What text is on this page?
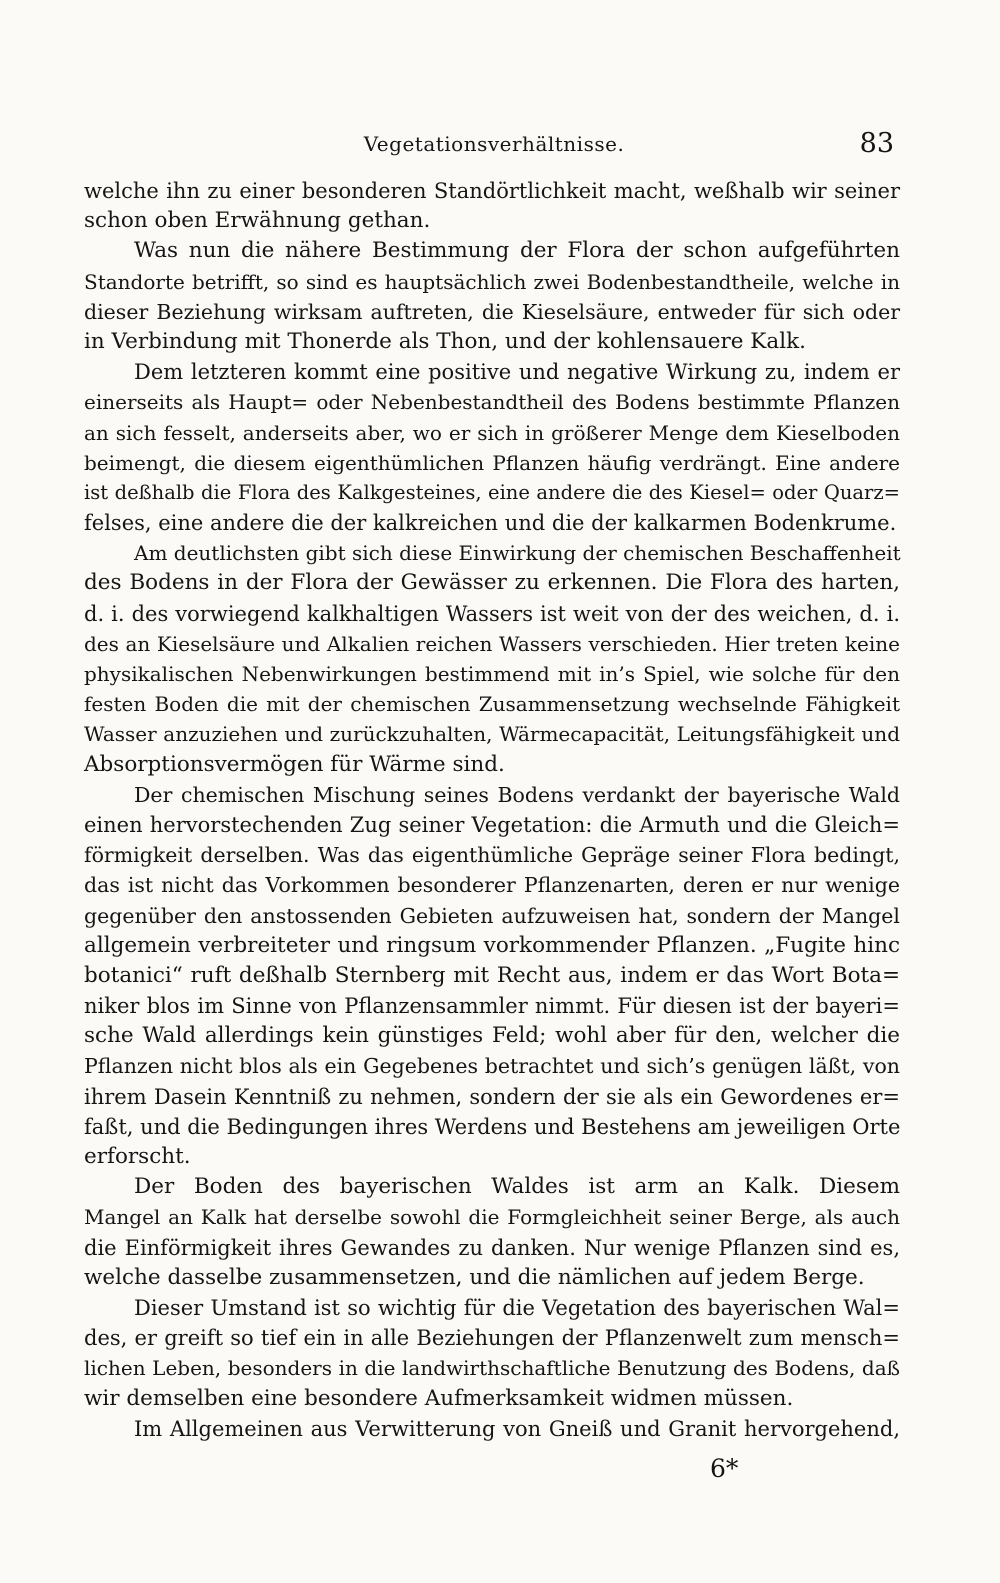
Vegetationsverhältnisse.	83
welche ihn zu einer besonderen Standörtlichkeit macht, weßhalb wir seiner
schon oben Erwähnung gethan.
Was nun die nähere Bestimmung der Flora der schon aufgeführten
Standorte betrifft, so sind es hauptsächlich zwei Bodenbestandtheile, welche in
dieser Beziehung wirksam auftreten, die Kieselsäure, entweder für sich oder
in Verbindung mit Thonerde als Thon, und der kohlensauere Kalk.
Dem letzteren kommt eine positive und negative Wirkung zu, indem er
einerseits als Haupt= oder Nebenbestandtheil des Bodens bestimmte Pflanzen
an sich fesselt, anderseits aber, wo er sich in größerer Menge dem Kieselboden
beimengt, die diesem eigenthümlichen Pflanzen häufig verdrängt. Eine andere
ist deßhalb die Flora des Kalkgesteines, eine andere die des Kiesel= oder Quarz=
felses, eine andere die der kalkreichen und die der kalkarmen Bodenkrume.
Am deutlichsten gibt sich diese Einwirkung der chemischen Beschaffenheit
des Bodens in der Flora der Gewässer zu erkennen. Die Flora des harten,
d. i. des vorwiegend kalkhaltigen Wassers ist weit von der des weichen, d. i.
des an Kieselsäure und Alkalien reichen Wassers verschieden. Hier treten keine
physikalischen Nebenwirkungen bestimmend mit in’s Spiel, wie solche für den
festen Boden die mit der chemischen Zusammensetzung wechselnde Fähigkeit
Wasser anzuziehen und zurückzuhalten, Wärmecapacität, Leitungsfähigkeit und
Absorptionsvermögen für Wärme sind.
Der chemischen Mischung seines Bodens verdankt der bayerische Wald
einen hervorstechenden Zug seiner Vegetation: die Armuth und die Gleich=
förmigkeit derselben. Was das eigenthümliche Gepräge seiner Flora bedingt,
das ist nicht das Vorkommen besonderer Pflanzenarten, deren er nur wenige
gegenüber den anstossenden Gebieten aufzuweisen hat, sondern der Mangel
allgemein verbreiteter und ringsum vorkommender Pflanzen. „Fugite hinc
botanici“ ruft deßhalb Sternberg mit Recht aus, indem er das Wort Bota=
niker blos im Sinne von Pflanzensammler nimmt. Für diesen ist der bayeri=
sche Wald allerdings kein günstiges Feld; wohl aber für den, welcher die
Pflanzen nicht blos als ein Gegebenes betrachtet und sich’s genügen läßt, von
ihrem Dasein Kenntniß zu nehmen, sondern der sie als ein Gewordenes er=
faßt, und die Bedingungen ihres Werdens und Bestehens am jeweiligen Orte
erforscht.
Der Boden des bayerischen Waldes ist arm an Kalk. Diesem
Mangel an Kalk hat derselbe sowohl die Formgleichheit seiner Berge, als auch
die Einförmigkeit ihres Gewandes zu danken. Nur wenige Pflanzen sind es,
welche dasselbe zusammensetzen, und die nämlichen auf jedem Berge.
Dieser Umstand ist so wichtig für die Vegetation des bayerischen Wal=
des, er greift so tief ein in alle Beziehungen der Pflanzenwelt zum mensch=
lichen Leben, besonders in die landwirthschaftliche Benutzung des Bodens, daß
wir demselben eine besondere Aufmerksamkeit widmen müssen.
Im Allgemeinen aus Verwitterung von Gneiß und Granit hervorgehend,
6*
